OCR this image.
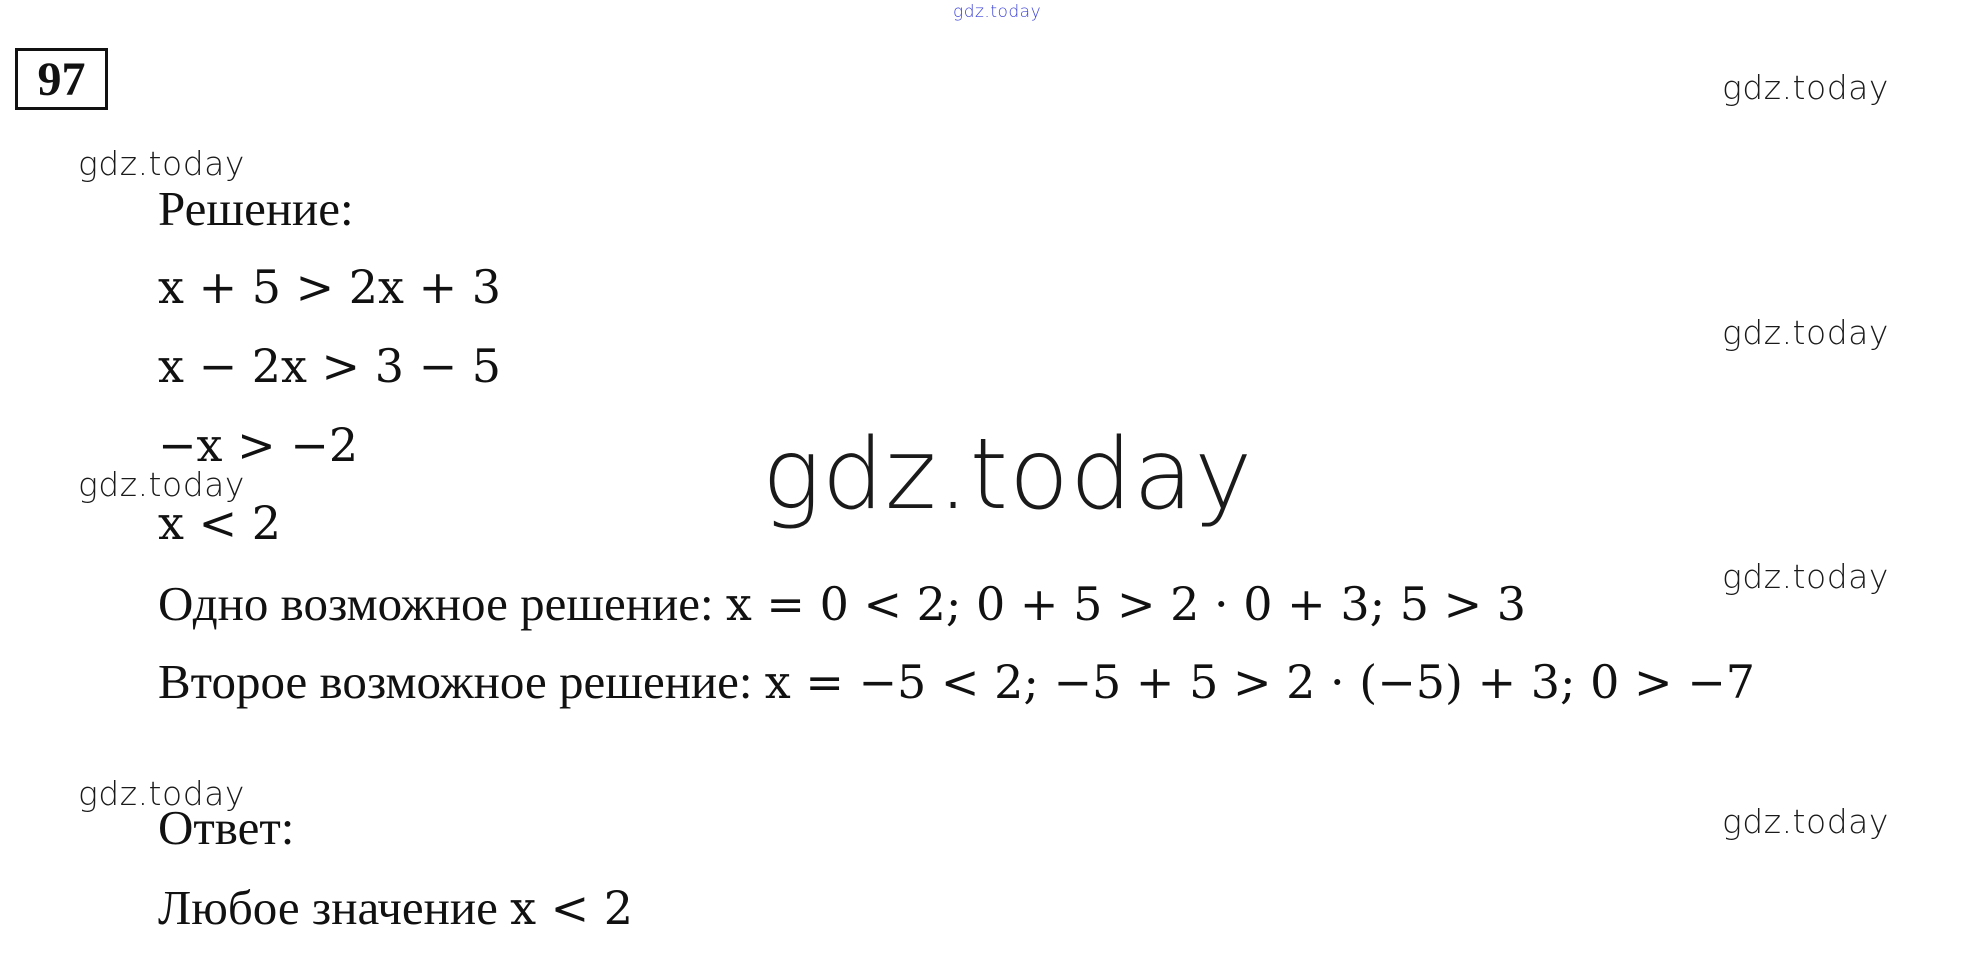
gdz.today
gdz.today
gdz.today
gdz.today
gdz.today
gdz.today
gdz.today
gdz.today
gdz.today
97
Решение:
x + 5 > 2x + 3
x − 2x > 3 − 5
−x > −2
x < 2
Одно возможное решение: x = 0 < 2; 0 + 5 > 2 · 0 + 3; 5 > 3
Второе возможное решение: x = −5 < 2; −5 + 5 > 2 · (−5) + 3; 0 > −7
Ответ:
Любое значение x < 2
